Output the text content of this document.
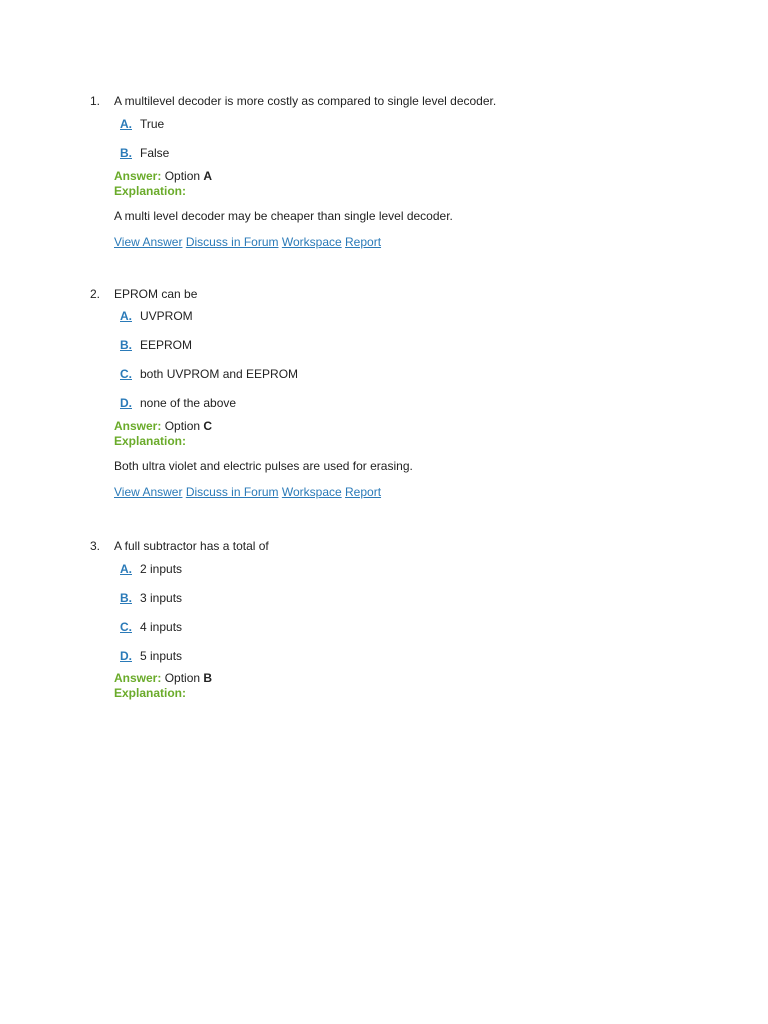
1. A multilevel decoder is more costly as compared to single level decoder.
A. True
B. False
Answer: Option A
Explanation:
A multi level decoder may be cheaper than single level decoder.
View Answer Discuss in Forum Workspace Report
2. EPROM can be
A. UVPROM
B. EEPROM
C. both UVPROM and EEPROM
D. none of the above
Answer: Option C
Explanation:
Both ultra violet and electric pulses are used for erasing.
View Answer Discuss in Forum Workspace Report
3. A full subtractor has a total of
A. 2 inputs
B. 3 inputs
C. 4 inputs
D. 5 inputs
Answer: Option B
Explanation:
